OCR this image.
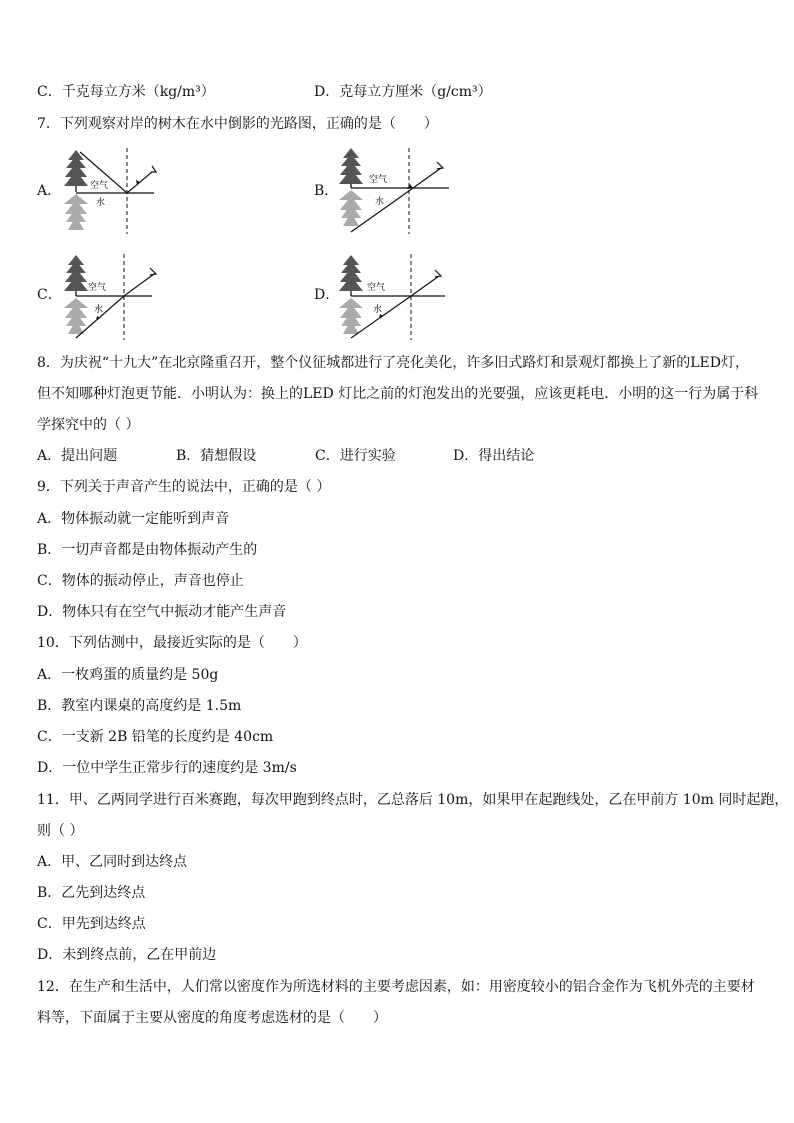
C．千克每立方米（kg/m³）	D．克每立方厘米（g/cm³）
7．下列观察对岸的树木在水中倒影的光路图，正确的是（　　）
A．	空气
水
B．
空气
水
C．	空气
水
D．	空气
水
8．为庆祝“十九大”在北京隆重召开，整个仪征城都进行了亮化美化，许多旧式路灯和景观灯都换上了新的LED灯，
但不知哪种灯泡更节能．小明认为：换上的LED 灯比之前的灯泡发出的光要强，应该更耗电．小明的这一行为属于科
学探究中的（ ）
A．提出问题	B．猜想假设	C．进行实验	D．得出结论
9．下列关于声音产生的说法中，正确的是（ ）
A．物体振动就一定能听到声音
B．一切声音都是由物体振动产生的
C．物体的振动停止，声音也停止
D．物体只有在空气中振动才能产生声音
10．下列估测中，最接近实际的是（　　）
A．一枚鸡蛋的质量约是 50g
B．教室内课桌的高度约是 1.5m
C．一支新 2B 铅笔的长度约是 40cm
D．一位中学生正常步行的速度约是 3m/s
11．甲、乙两同学进行百米赛跑，每次甲跑到终点时，乙总落后 10m，如果甲在起跑线处，乙在甲前方 10m 同时起跑，
则（ ）
A．甲、乙同时到达终点
B．乙先到达终点
C．甲先到达终点
D．未到终点前，乙在甲前边
12．在生产和生活中，人们常以密度作为所选材料的主要考虑因素，如：用密度较小的铝合金作为飞机外壳的主要材
料等，下面属于主要从密度的角度考虑选材的是（　　）
